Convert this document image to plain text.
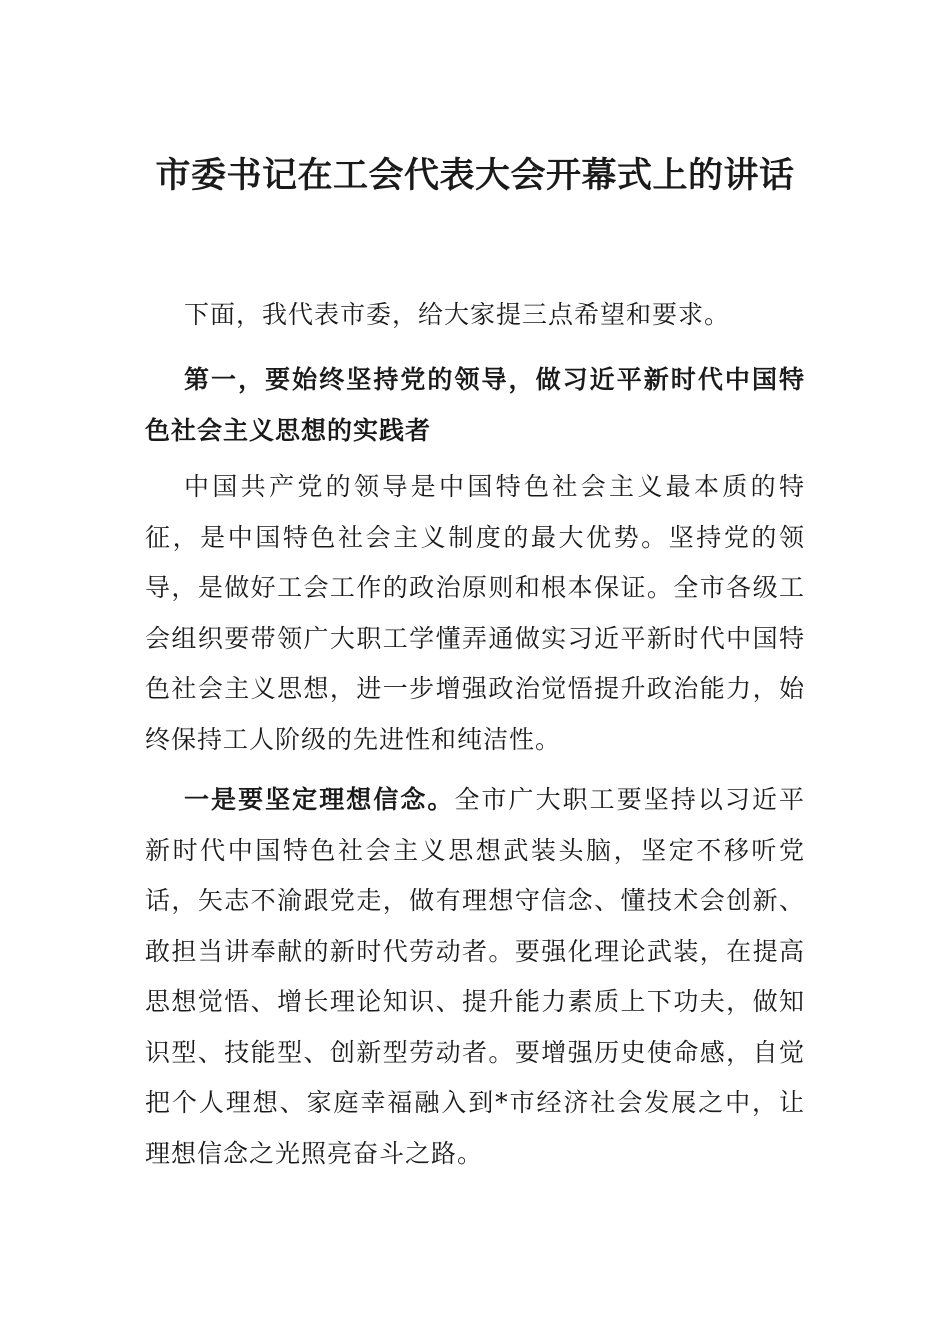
市委书记在工会代表大会开幕式上的讲话

下面，我代表市委，给大家提三点希望和要求。

第一，要始终坚持党的领导，做习近平新时代中国特色社会主义思想的实践者

中国共产党的领导是中国特色社会主义最本质的特征，是中国特色社会主义制度的最大优势。坚持党的领导，是做好工会工作的政治原则和根本保证。全市各级工会组织要带领广大职工学懂弄通做实习近平新时代中国特色社会主义思想，进一步增强政治觉悟提升政治能力，始终保持工人阶级的先进性和纯洁性。

一是要坚定理想信念。全市广大职工要坚持以习近平新时代中国特色社会主义思想武装头脑，坚定不移听党话，矢志不渝跟党走，做有理想守信念、懂技术会创新、敢担当讲奉献的新时代劳动者。要强化理论武装，在提高思想觉悟、增长理论知识、提升能力素质上下功夫，做知识型、技能型、创新型劳动者。要增强历史使命感，自觉把个人理想、家庭幸福融入到*市经济社会发展之中，让理想信念之光照亮奋斗之路。
